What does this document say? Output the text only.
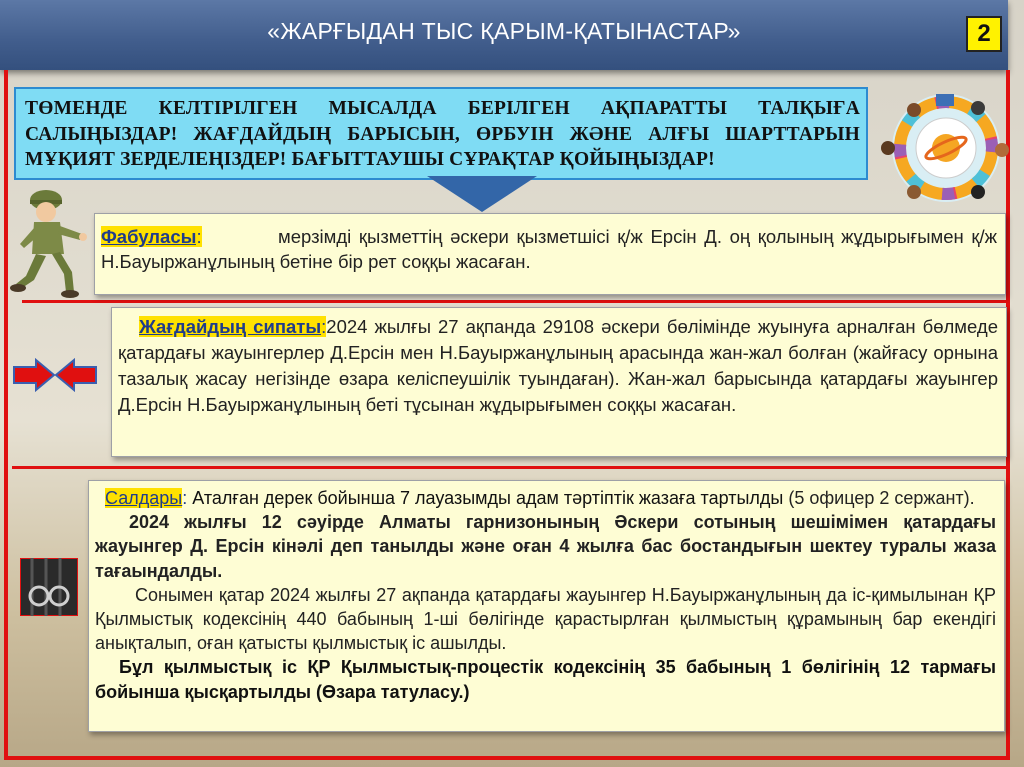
«ЖАРҒЫДАН ТЫС ҚАРЫМ-ҚАТЫНАСТАР»	2
ТӨМЕНДЕ КЕЛТІРІЛГЕН МЫСАЛДА БЕРІЛГЕН АҚПАРАТТЫ ТАЛҚЫҒА САЛЫҢЫЗДАР! ЖАҒДАЙДЫҢ БАРЫСЫН, ӨРБУІН ЖӘНЕ АЛҒЫ ШАРТТАРЫН МҰҚИЯТ ЗЕРДЕЛЕҢІЗДЕР! БАҒЫТТАУШЫ СҰРАҚТАР ҚОЙЫҢЫЗДАР!
Фабуласы:	мерзімді қызметтің әскери қызметшісі қ/ж Ерсін Д. оң қолының жұдырығымен қ/ж Н.Бауыржанұлының бетіне бір рет соққы жасаған.
Жағдайдың сипаты:2024 жылғы 27 ақпанда 29108 әскери бөлімінде жуынуға арналған бөлмеде қатардағы жауынгерлер Д.Ерсін мен Н.Бауыржанұлының арасында жан-жал болған (жайғасу орнына тазалық жасау негізінде өзара келіспеушілік туындаған). Жан-жал барысында қатардағы жауынгер Д.Ерсін Н.Бауыржанұлының беті тұсынан жұдырығымен соққы жасаған.
Салдары: Аталған дерек бойынша 7 лауазымды адам тәртіптік жазаға тартылды (5 офицер 2 сержант).
2024 жылғы 12 сәуірде Алматы гарнизонының Әскери сотының шешімімен қатардағы жауынгер Д. Ерсін кінәлі деп танылды және оған 4 жылға бас бостандығын шектеу туралы жаза тағаындалды.
Сонымен қатар 2024 жылғы 27 ақпанда қатардағы жауынгер Н.Бауыржанұлының да іс-қимылынан ҚР Қылмыстық кодексінің 440 бабының 1-ші бөлігінде қарастырлған қылмыстың құрамының бар екендігі анықталып, оған қатысты қылмыстық іс ашылды.
Бұл қылмыстық іс ҚР Қылмыстық-процестік кодексінің 35 бабының 1 бөлігінің 12 тармағы бойынша қысқартылды (Өзара татуласу.)
